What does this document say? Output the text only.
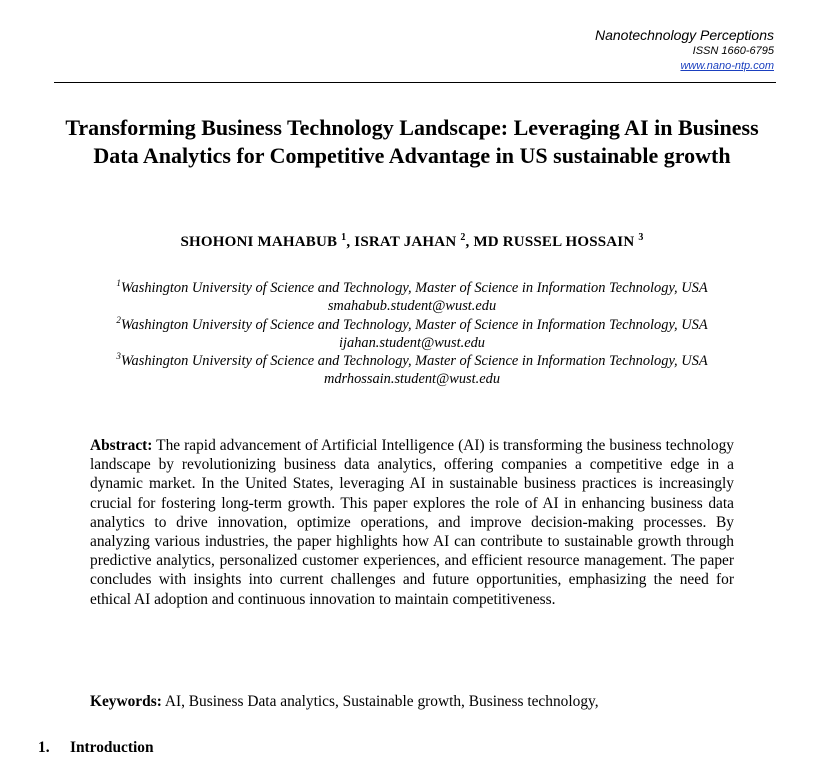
Nanotechnology Perceptions
ISSN 1660-6795
www.nano-ntp.com
Transforming Business Technology Landscape: Leveraging AI in Business Data Analytics for Competitive Advantage in US sustainable growth
SHOHONI MAHABUB $^1$, ISRAT JAHAN $^2$, MD RUSSEL HOSSAIN $^3$
$^1$Washington University of Science and Technology, Master of Science in Information Technology, USA
smahabub.student@wust.edu
$^2$Washington University of Science and Technology, Master of Science in Information Technology, USA
ijahan.student@wust.edu
$^3$Washington University of Science and Technology, Master of Science in Information Technology, USA
mdrhossain.student@wust.edu
Abstract: The rapid advancement of Artificial Intelligence (AI) is transforming the business technology landscape by revolutionizing business data analytics, offering companies a competitive edge in a dynamic market. In the United States, leveraging AI in sustainable business practices is increasingly crucial for fostering long-term growth. This paper explores the role of AI in enhancing business data analytics to drive innovation, optimize operations, and improve decision-making processes. By analyzing various industries, the paper highlights how AI can contribute to sustainable growth through predictive analytics, personalized customer experiences, and efficient resource management. The paper concludes with insights into current challenges and future opportunities, emphasizing the need for ethical AI adoption and continuous innovation to maintain competitiveness.
Keywords: AI, Business Data analytics, Sustainable growth, Business technology,
1. Introduction
